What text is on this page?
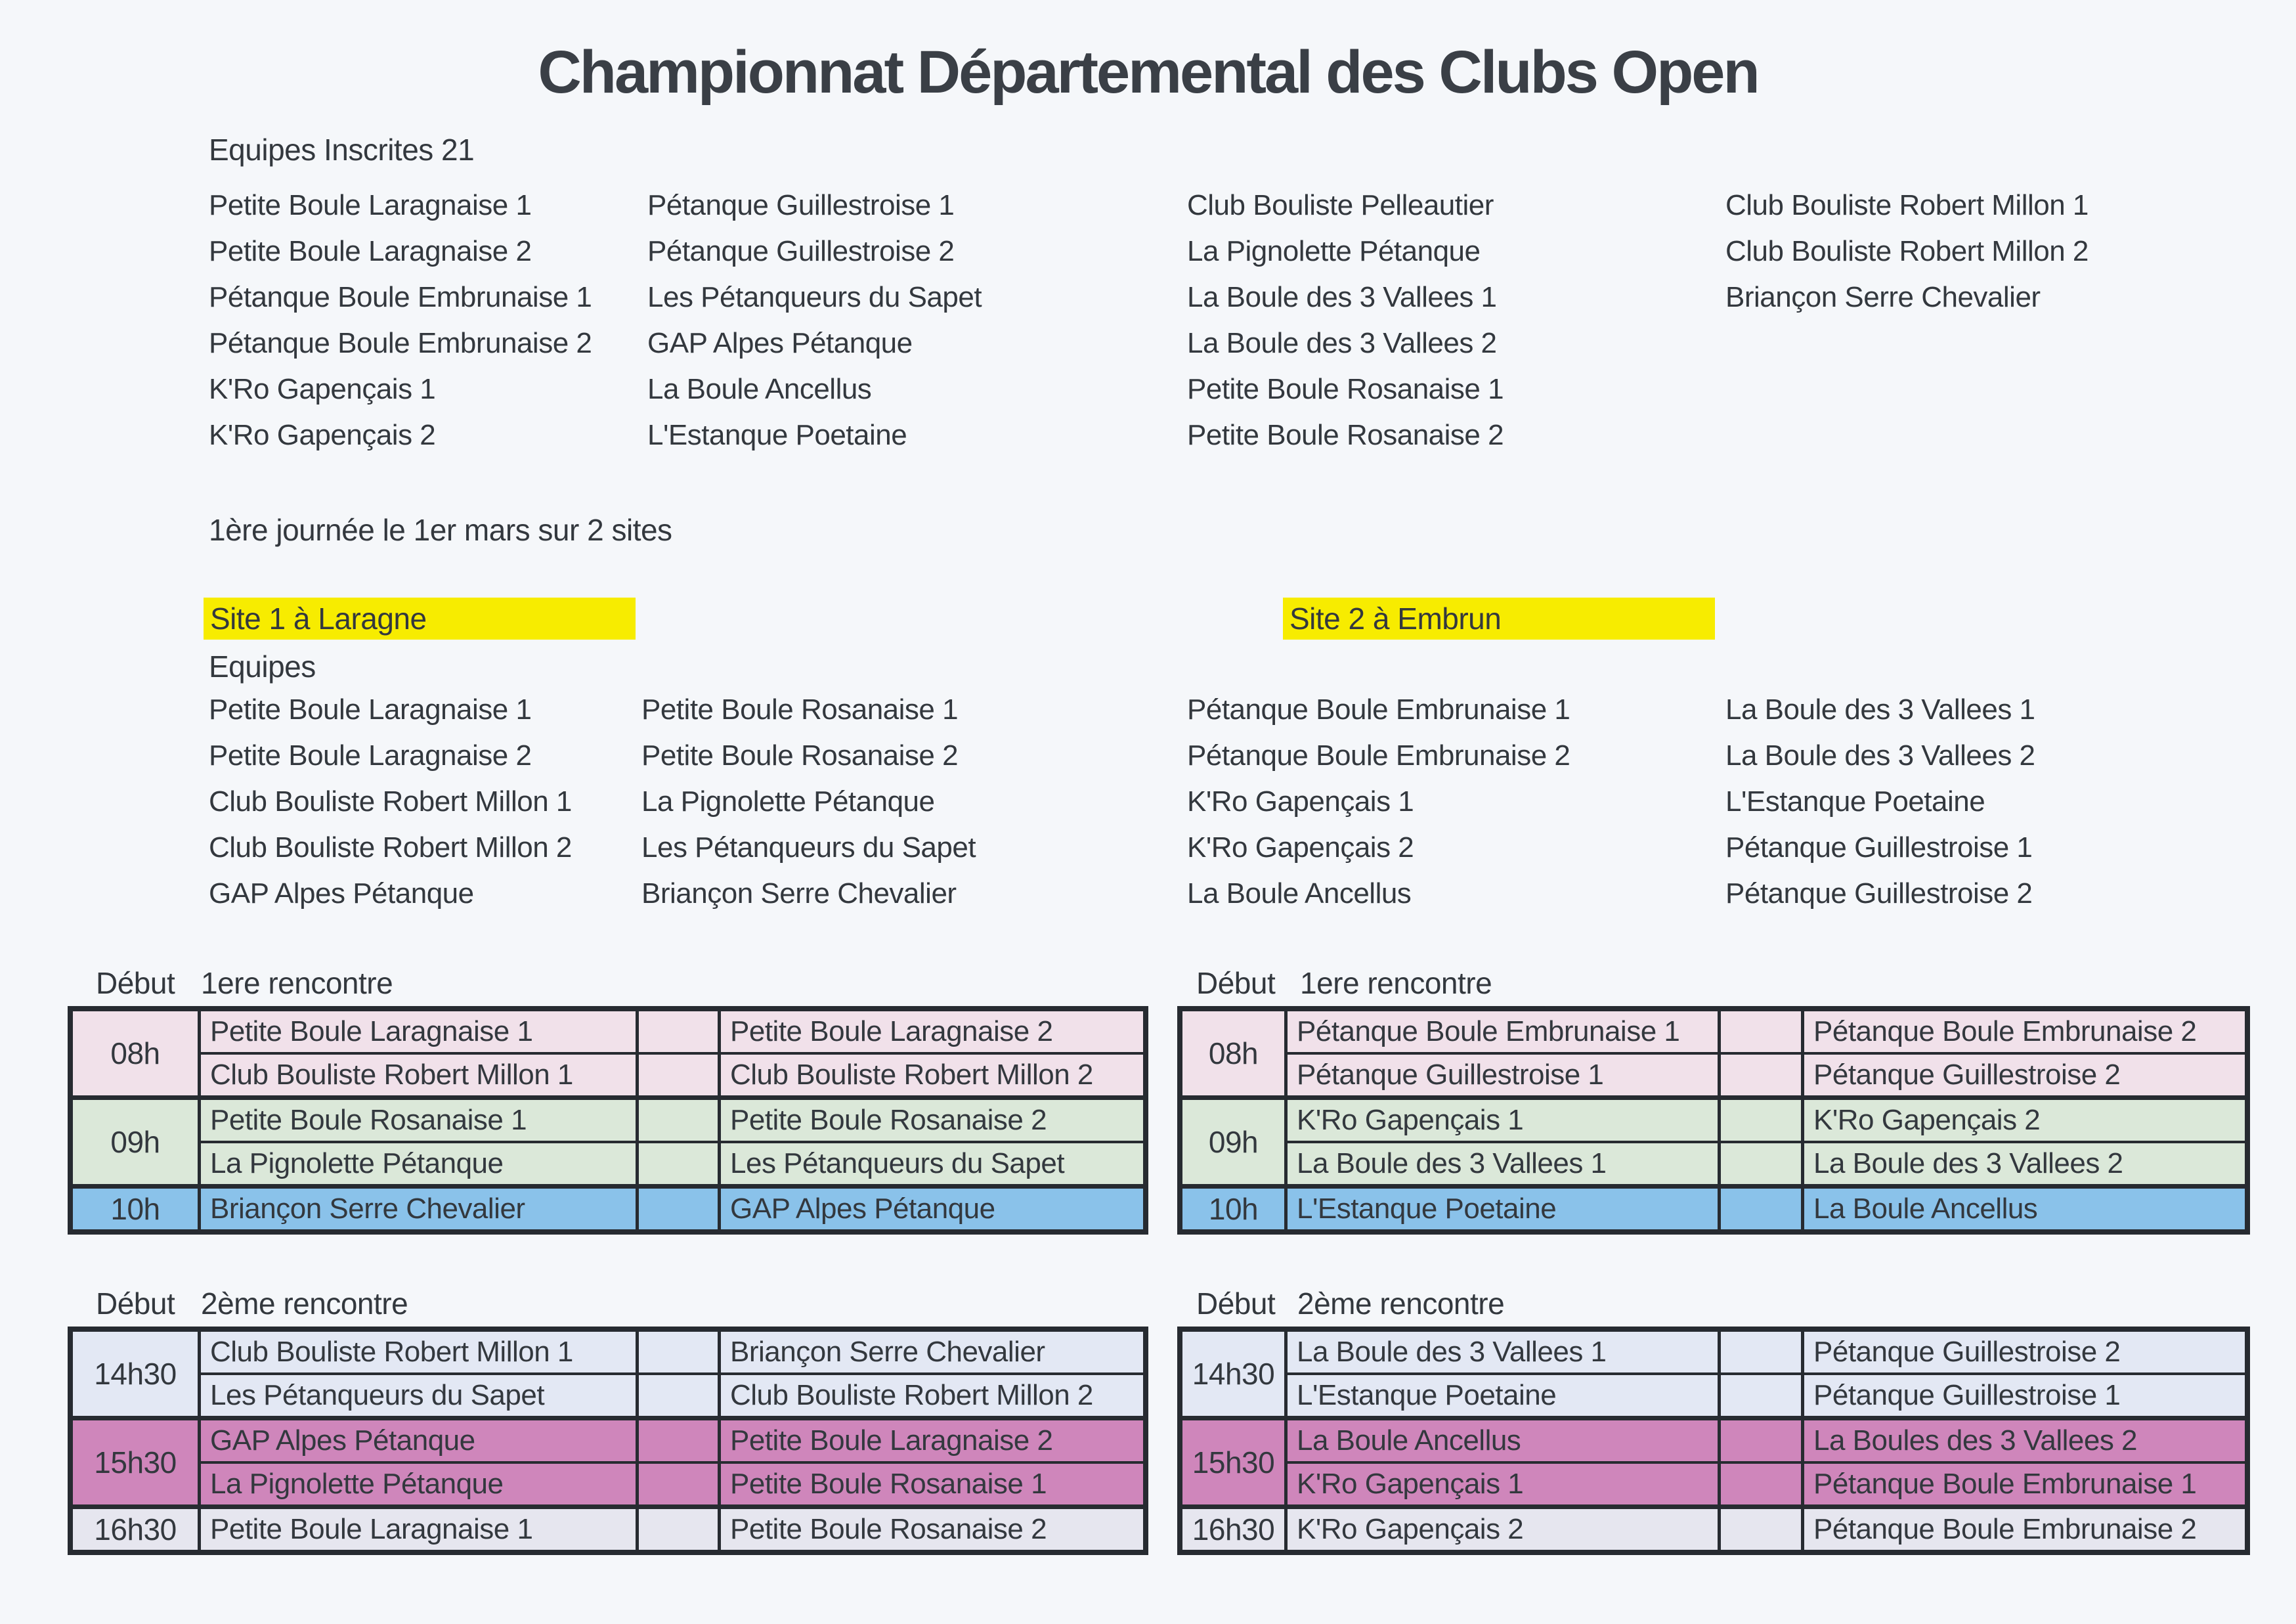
Championnat Départemental des Clubs Open
Equipes Inscrites 21
Petite Boule Laragnaise 1
Petite Boule Laragnaise 2
Pétanque Boule Embrunaise 1
Pétanque Boule Embrunaise 2
K'Ro Gapençais 1
K'Ro Gapençais 2
Pétanque Guillestroise 1
Pétanque Guillestroise 2
Les Pétanqueurs du Sapet
GAP Alpes Pétanque
La Boule Ancellus
L'Estanque Poetaine
Club Bouliste Pelleautier
La Pignolette Pétanque
La Boule des 3 Vallees 1
La Boule des 3 Vallees 2
Petite Boule Rosanaise 1
Petite Boule Rosanaise 2
Club Bouliste Robert Millon 1
Club Bouliste Robert Millon 2
Briançon Serre Chevalier
1ère journée le 1er mars sur 2 sites
Site 1 à Laragne	Site 2 à Embrun
Equipes
Petite Boule Laragnaise 1
Petite Boule Laragnaise 2
Club Bouliste Robert Millon 1
Club Bouliste Robert Millon 2
GAP Alpes Pétanque
Petite Boule Rosanaise 1
Petite Boule Rosanaise 2
La Pignolette Pétanque
Les Pétanqueurs du Sapet
Briançon Serre Chevalier
Pétanque Boule Embrunaise 1
Pétanque Boule Embrunaise 2
K'Ro Gapençais 1
K'Ro Gapençais 2
La Boule Ancellus
La Boule des 3 Vallees 1
La Boule des 3 Vallees 2
L'Estanque Poetaine
Pétanque Guillestroise 1
Pétanque Guillestroise 2
Début 1ere rencontre	Début 1ere rencontre
08h
Petite Boule Laragnaise 1	Petite Boule Laragnaise 2
Club Bouliste Robert Millon 1	Club Bouliste Robert Millon 2
09h
Petite Boule Rosanaise 1	Petite Boule Rosanaise 2
La Pignolette Pétanque	Les Pétanqueurs du Sapet
10h	Briançon Serre Chevalier	GAP Alpes Pétanque
08h
Pétanque Boule Embrunaise 1	Pétanque Boule Embrunaise 2
Pétanque Guillestroise 1	Pétanque Guillestroise 2
09h
K'Ro Gapençais 1	K'Ro Gapençais 2
La Boule des 3 Vallees 1	La Boule des 3 Vallees 2
10h	L'Estanque Poetaine	La Boule Ancellus
Début 2ème rencontre	Début 2ème rencontre
14h30
Club Bouliste Robert Millon 1	Briançon Serre Chevalier
Les Pétanqueurs du Sapet	Club Bouliste Robert Millon 2
15h30
GAP Alpes Pétanque	Petite Boule Laragnaise 2
La Pignolette Pétanque	Petite Boule Rosanaise 1
16h30	Petite Boule Laragnaise 1	Petite Boule Rosanaise 2
14h30
La Boule des 3 Vallees 1	Pétanque Guillestroise 2
L'Estanque Poetaine	Pétanque Guillestroise 1
15h30
La Boule Ancellus	La Boules des 3 Vallees 2
K'Ro Gapençais 1	Pétanque Boule Embrunaise 1
16h30 K'Ro Gapençais 2	Pétanque Boule Embrunaise 2
